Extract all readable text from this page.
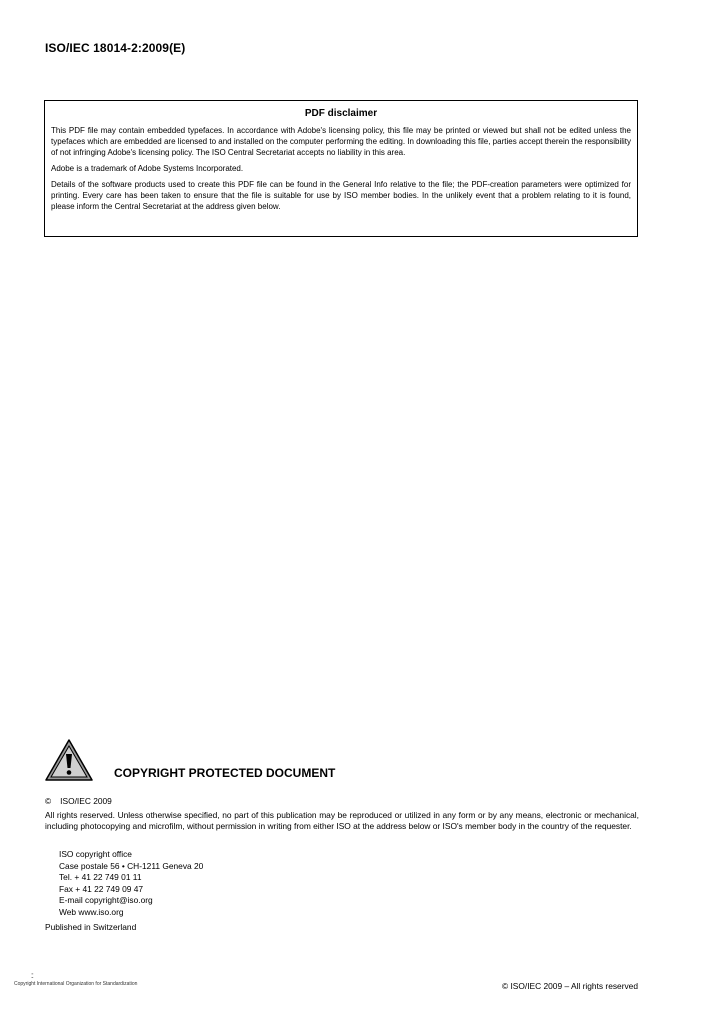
ISO/IEC 18014-2:2009(E)
PDF disclaimer

This PDF file may contain embedded typefaces. In accordance with Adobe's licensing policy, this file may be printed or viewed but shall not be edited unless the typefaces which are embedded are licensed to and installed on the computer performing the editing. In downloading this file, parties accept therein the responsibility of not infringing Adobe's licensing policy. The ISO Central Secretariat accepts no liability in this area.

Adobe is a trademark of Adobe Systems Incorporated.

Details of the software products used to create this PDF file can be found in the General Info relative to the file; the PDF-creation parameters were optimized for printing. Every care has been taken to ensure that the file is suitable for use by ISO member bodies. In the unlikely event that a problem relating to it is found, please inform the Central Secretariat at the address given below.

COPYRIGHT PROTECTED DOCUMENT
© ISO/IEC 2009

All rights reserved. Unless otherwise specified, no part of this publication may be reproduced or utilized in any form or by any means, electronic or mechanical, including photocopying and microfilm, without permission in writing from either ISO at the address below or ISO's member body in the country of the requester.

ISO copyright office
Case postale 56 • CH-1211 Geneva 20
Tel. + 41 22 749 01 11
Fax + 41 22 749 09 47
E-mail copyright@iso.org
Web www.iso.org
Published in Switzerland
⁚⁚
Copyright International Organization for Standardization	© ISO/IEC 2009 – All rights reserved
